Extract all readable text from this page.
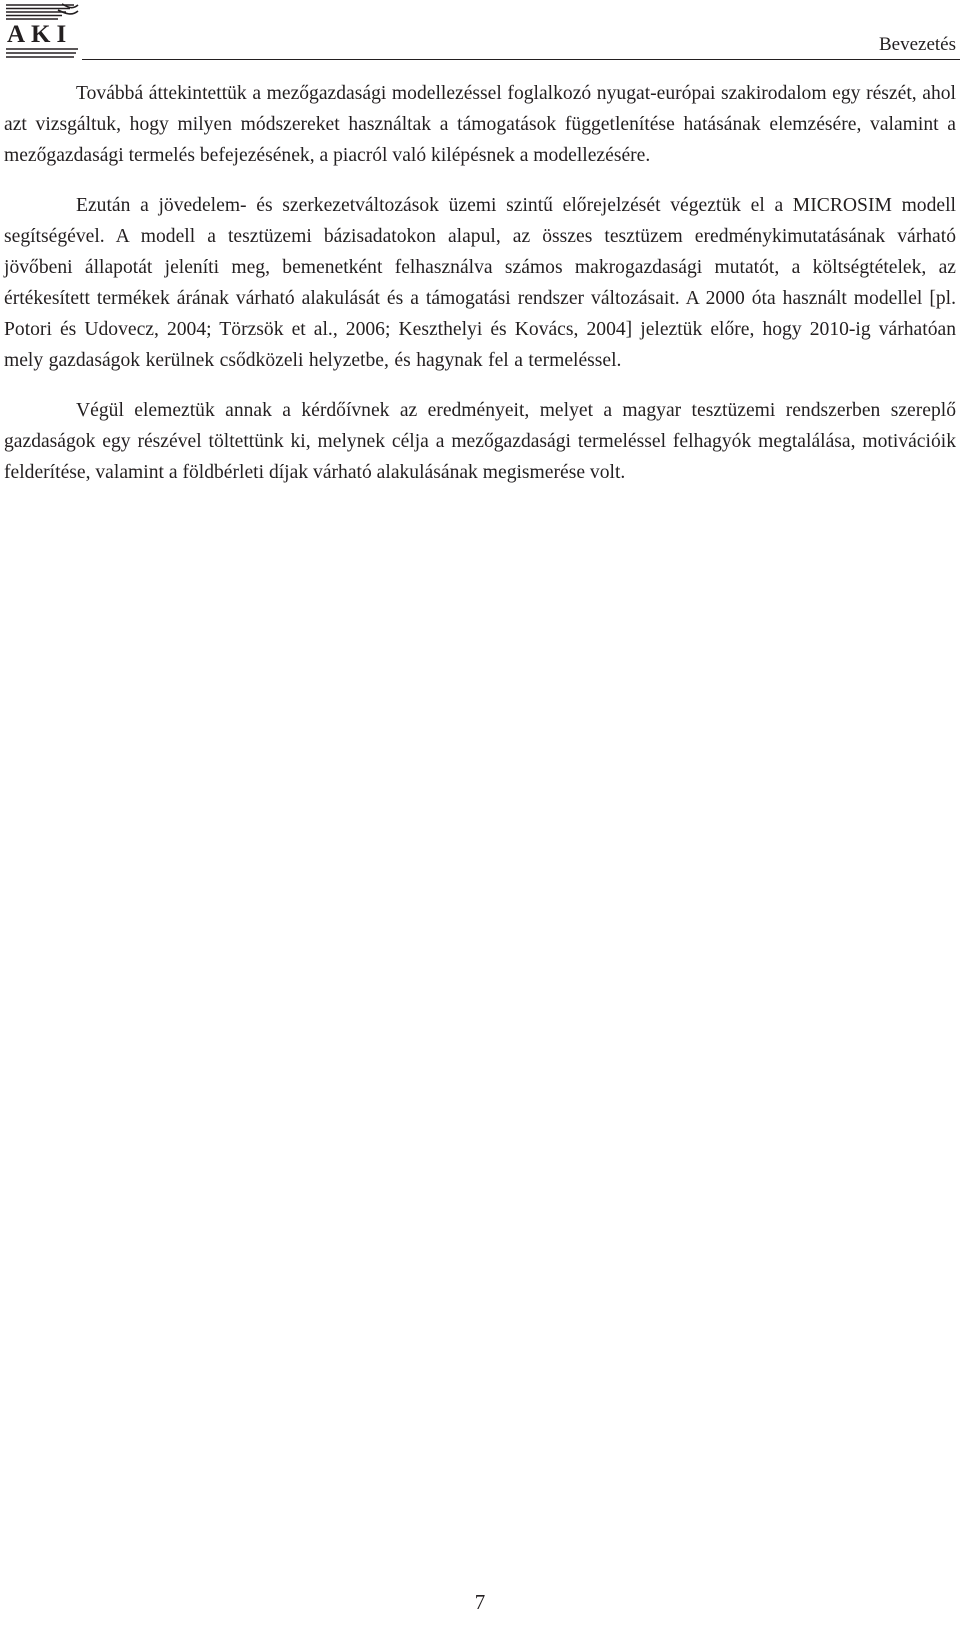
AKI	Bevezetés

Továbbá áttekintettük a mezőgazdasági modellezéssel foglalkozó nyugat-európai szakirodalom egy részét, ahol azt vizsgáltuk, hogy milyen módszereket használtak a támogatások függetlenítése hatásának elemzésére, valamint a mezőgazdasági termelés befejezésének, a piacról való kilépésnek a modellezésére.

Ezután a jövedelem- és szerkezetváltozások üzemi szintű előrejelzését végeztük el a MICROSIM modell segítségével. A modell a tesztüzemi bázisadatokon alapul, az összes tesztüzem eredménykimutatásának várható jövőbeni állapotát jeleníti meg, bemenetként felhasználva számos makrogazdasági mutatót, a költségtételek, az értékesített termékek árának várható alakulását és a támogatási rendszer változásait. A 2000 óta használt modellel [pl. Potori és Udovecz, 2004; Törzsök et al., 2006; Keszthelyi és Kovács, 2004] jeleztük előre, hogy 2010-ig várhatóan mely gazdaságok kerülnek csődközeli helyzetbe, és hagynak fel a termeléssel.

Végül elemeztük annak a kérdőívnek az eredményeit, melyet a magyar tesztüzemi rendszerben szereplő gazdaságok egy részével töltettünk ki, melynek célja a mezőgazdasági termeléssel felhagyók megtalálása, motivációik felderítése, valamint a földbérleti díjak várható alakulásának megismerése volt.

7
